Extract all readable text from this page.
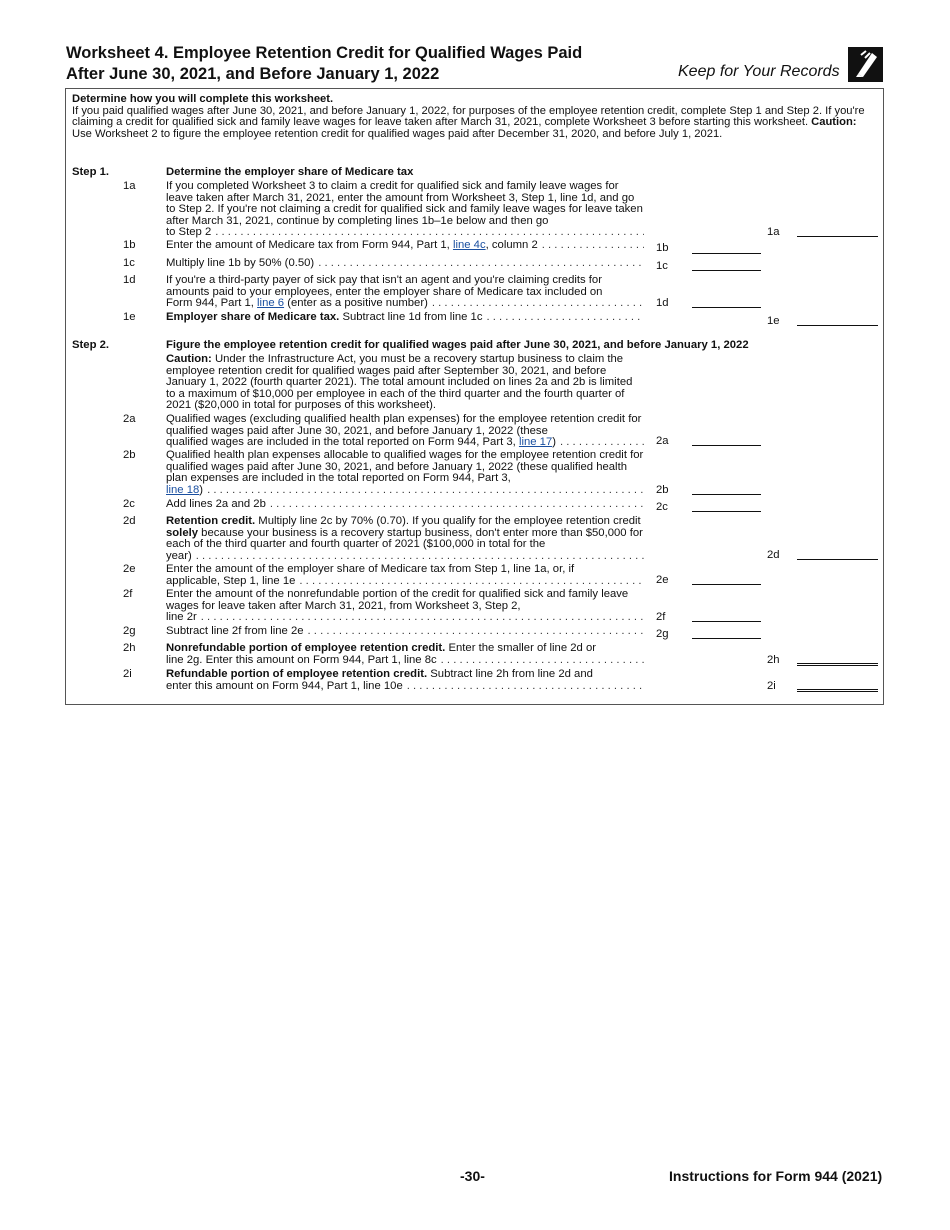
Worksheet 4. Employee Retention Credit for Qualified Wages Paid
After June 30, 2021, and Before January 1, 2022	Keep for Your Records
Determine how you will complete this worksheet.
If you paid qualified wages after June 30, 2021, and before January 1, 2022, for purposes of the employee retention credit, complete Step 1 and Step 2. If you're claiming a credit for qualified sick and family leave wages for leave taken after March 31, 2021, complete Worksheet 3 before starting this worksheet. Caution: Use Worksheet 2 to figure the employee retention credit for qualified wages paid after December 31, 2020, and before July 1, 2021.
Step 1.	Determine the employer share of Medicare tax
1a	If you completed Worksheet 3 to claim a credit for qualified sick and family leave wages for leave taken after March 31, 2021, enter the amount from Worksheet 3, Step 1, line 1d, and go to Step 2. If you're not claiming a credit for qualified sick and family leave wages for leave taken after March 31, 2021, continue by completing lines 1b–1e below and then go
to Step 2 . . .	1a
1b	Enter the amount of Medicare tax from Form 944, Part 1, line 4c, column 2 . . .	1b
1c	Multiply line 1b by 50% (0.50) . . .	1c
1d	If you're a third-party payer of sick pay that isn't an agent and you're claiming credits for amounts paid to your employees, enter the employer share of Medicare tax included on
Form 944, Part 1, line 6 (enter as a positive number) . . .	1d
1e	Employer share of Medicare tax. Subtract line 1d from line 1c . . .	1e
Step 2.	Figure the employee retention credit for qualified wages paid after June 30, 2021, and before January 1, 2022
Caution: Under the Infrastructure Act, you must be a recovery startup business to claim the employee retention credit for qualified wages paid after September 30, 2021, and before January 1, 2022 (fourth quarter 2021). The total amount included on lines 2a and 2b is limited to a maximum of $10,000 per employee in each of the third quarter and the fourth quarter of 2021 ($20,000 in total for purposes of this worksheet).
2a	Qualified wages (excluding qualified health plan expenses) for the employee retention credit for qualified wages paid after June 30, 2021, and before January 1, 2022 (these
qualified wages are included in the total reported on Form 944, Part 3, line 17) . . .	2a
2b	Qualified health plan expenses allocable to qualified wages for the employee retention credit for qualified wages paid after June 30, 2021, and before January 1, 2022 (these qualified health plan expenses are included in the total reported on Form 944, Part 3,
line 18) . . .	2b
2c	Add lines 2a and 2b . . .	2c
2d	Retention credit. Multiply line 2c by 70% (0.70). If you qualify for the employee retention credit solely because your business is a recovery startup business, don't enter more than $50,000 for each of the third quarter and fourth quarter of 2021 ($100,000 in total for the
year) . . .	2d
2e	Enter the amount of the employer share of Medicare tax from Step 1, line 1a, or, if
applicable, Step 1, line 1e . . .	2e
2f	Enter the amount of the nonrefundable portion of the credit for qualified sick and family leave wages for leave taken after March 31, 2021, from Worksheet 3, Step 2,
line 2r . . .	2f
2g	Subtract line 2f from line 2e . . .	2g
2h	Nonrefundable portion of employee retention credit. Enter the smaller of line 2d or
line 2g. Enter this amount on Form 944, Part 1, line 8c . . .	2h
2i	Refundable portion of employee retention credit. Subtract line 2h from line 2d and
enter this amount on Form 944, Part 1, line 10e . . .	2i
-30-	Instructions for Form 944 (2021)
